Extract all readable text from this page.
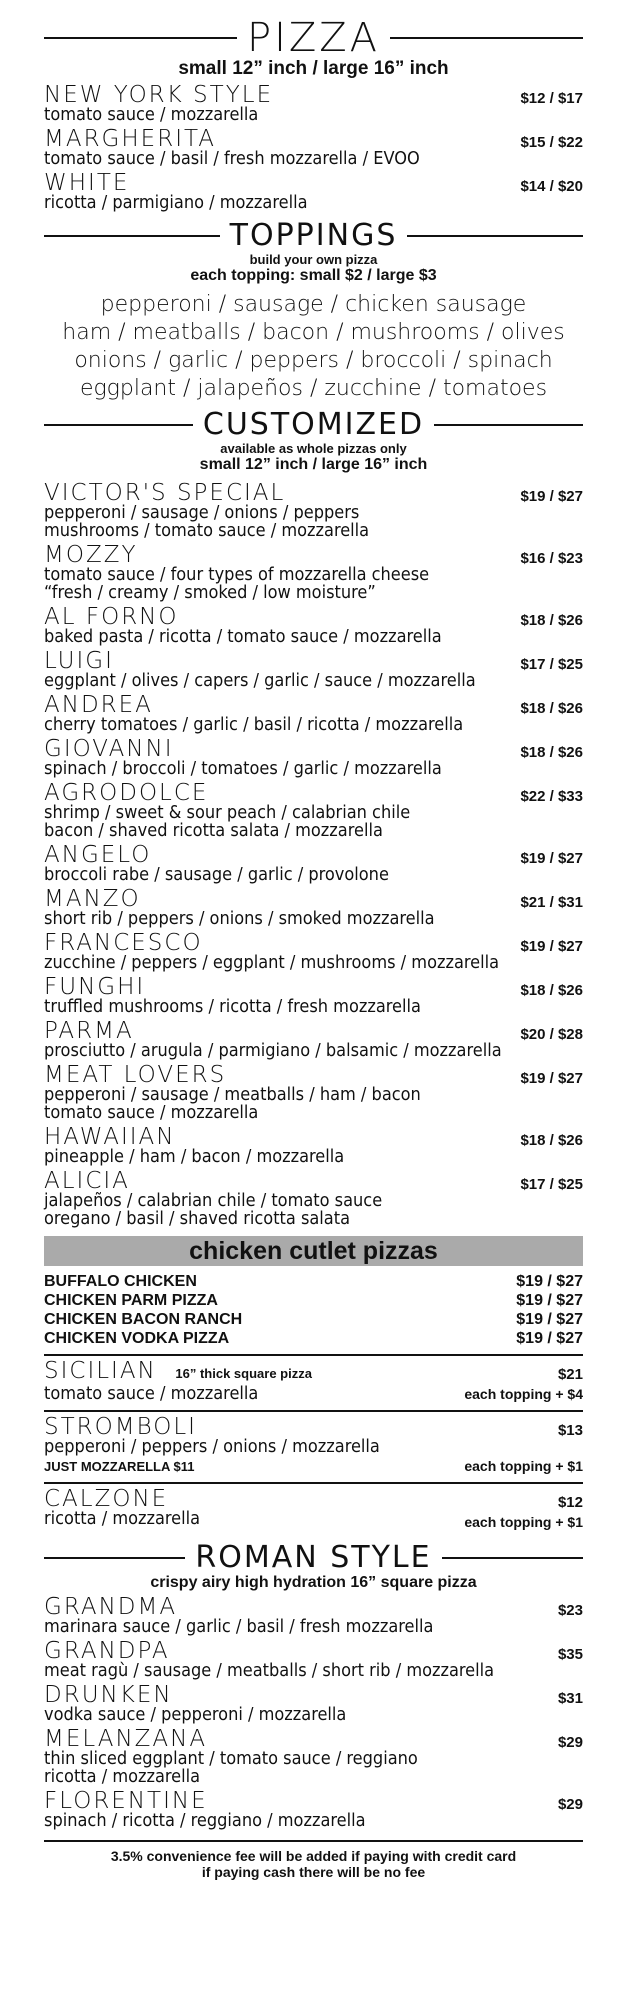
PIZZA
small 12” inch / large 16” inch
NEW YORK STYLE
tomato sauce / mozzarella
$12 / $17
MARGHERITA
tomato sauce / basil / fresh mozzarella / EVOO
$15 / $22
WHITE
ricotta / parmigiano / mozzarella
$14 / $20
TOPPINGS
build your own pizza
each topping: small $2 / large $3
pepperoni / sausage / chicken sausage
ham / meatballs / bacon / mushrooms / olives
onions / garlic / peppers / broccoli / spinach
eggplant / jalapeños / zucchine / tomatoes
CUSTOMIZED
available as whole pizzas only
small 12” inch / large 16” inch
VICTOR'S SPECIAL
pepperoni / sausage / onions / peppers
mushrooms / tomato sauce / mozzarella
$19 / $27
MOZZY
tomato sauce / four types of mozzarella cheese
“fresh / creamy / smoked / low moisture”
$16 / $23
AL FORNO
baked pasta / ricotta / tomato sauce / mozzarella
$18 / $26
LUIGI
eggplant / olives / capers / garlic / sauce / mozzarella
$17 / $25
ANDREA
cherry tomatoes / garlic / basil / ricotta / mozzarella
$18 / $26
GIOVANNI
spinach / broccoli / tomatoes / garlic / mozzarella
$18 / $26
AGRODOLCE
shrimp / sweet & sour peach / calabrian chile
bacon / shaved ricotta salata / mozzarella
$22 / $33
ANGELO
broccoli rabe / sausage / garlic / provolone
$19 / $27
MANZO
short rib / peppers / onions / smoked mozzarella
$21 / $31
FRANCESCO
zucchine / peppers / eggplant / mushrooms / mozzarella
$19 / $27
FUNGHI
truffled mushrooms / ricotta / fresh mozzarella
$18 / $26
PARMA
prosciutto / arugula / parmigiano / balsamic / mozzarella
$20 / $28
MEAT LOVERS
pepperoni / sausage / meatballs / ham / bacon
tomato sauce / mozzarella
$19 / $27
HAWAIIAN
pineapple / ham / bacon / mozzarella
$18 / $26
ALICIA
jalapeños / calabrian chile / tomato sauce
oregano / basil / shaved ricotta salata
$17 / $25
chicken cutlet pizzas
BUFFALO CHICKEN	$19 / $27
CHICKEN PARM PIZZA	$19 / $27
CHICKEN BACON RANCH	$19 / $27
CHICKEN VODKA PIZZA	$19 / $27
SICILIAN 16” thick square pizza
tomato sauce / mozzarella
$21
each topping + $4
STROMBOLI
pepperoni / peppers / onions / mozzarella
JUST MOZZARELLA $11
$13
each topping + $1
CALZONE
ricotta / mozzarella
$12
each topping + $1
ROMAN STYLE
crispy airy high hydration 16” square pizza
GRANDMA
marinara sauce / garlic / basil / fresh mozzarella
$23
GRANDPA
meat ragù / sausage / meatballs / short rib / mozzarella
$35
DRUNKEN
vodka sauce / pepperoni / mozzarella
$31
MELANZANA
thin sliced eggplant / tomato sauce / reggiano
ricotta / mozzarella
$29
FLORENTINE
spinach / ricotta / reggiano / mozzarella
$29
3.5% convenience fee will be added if paying with credit card
if paying cash there will be no fee
